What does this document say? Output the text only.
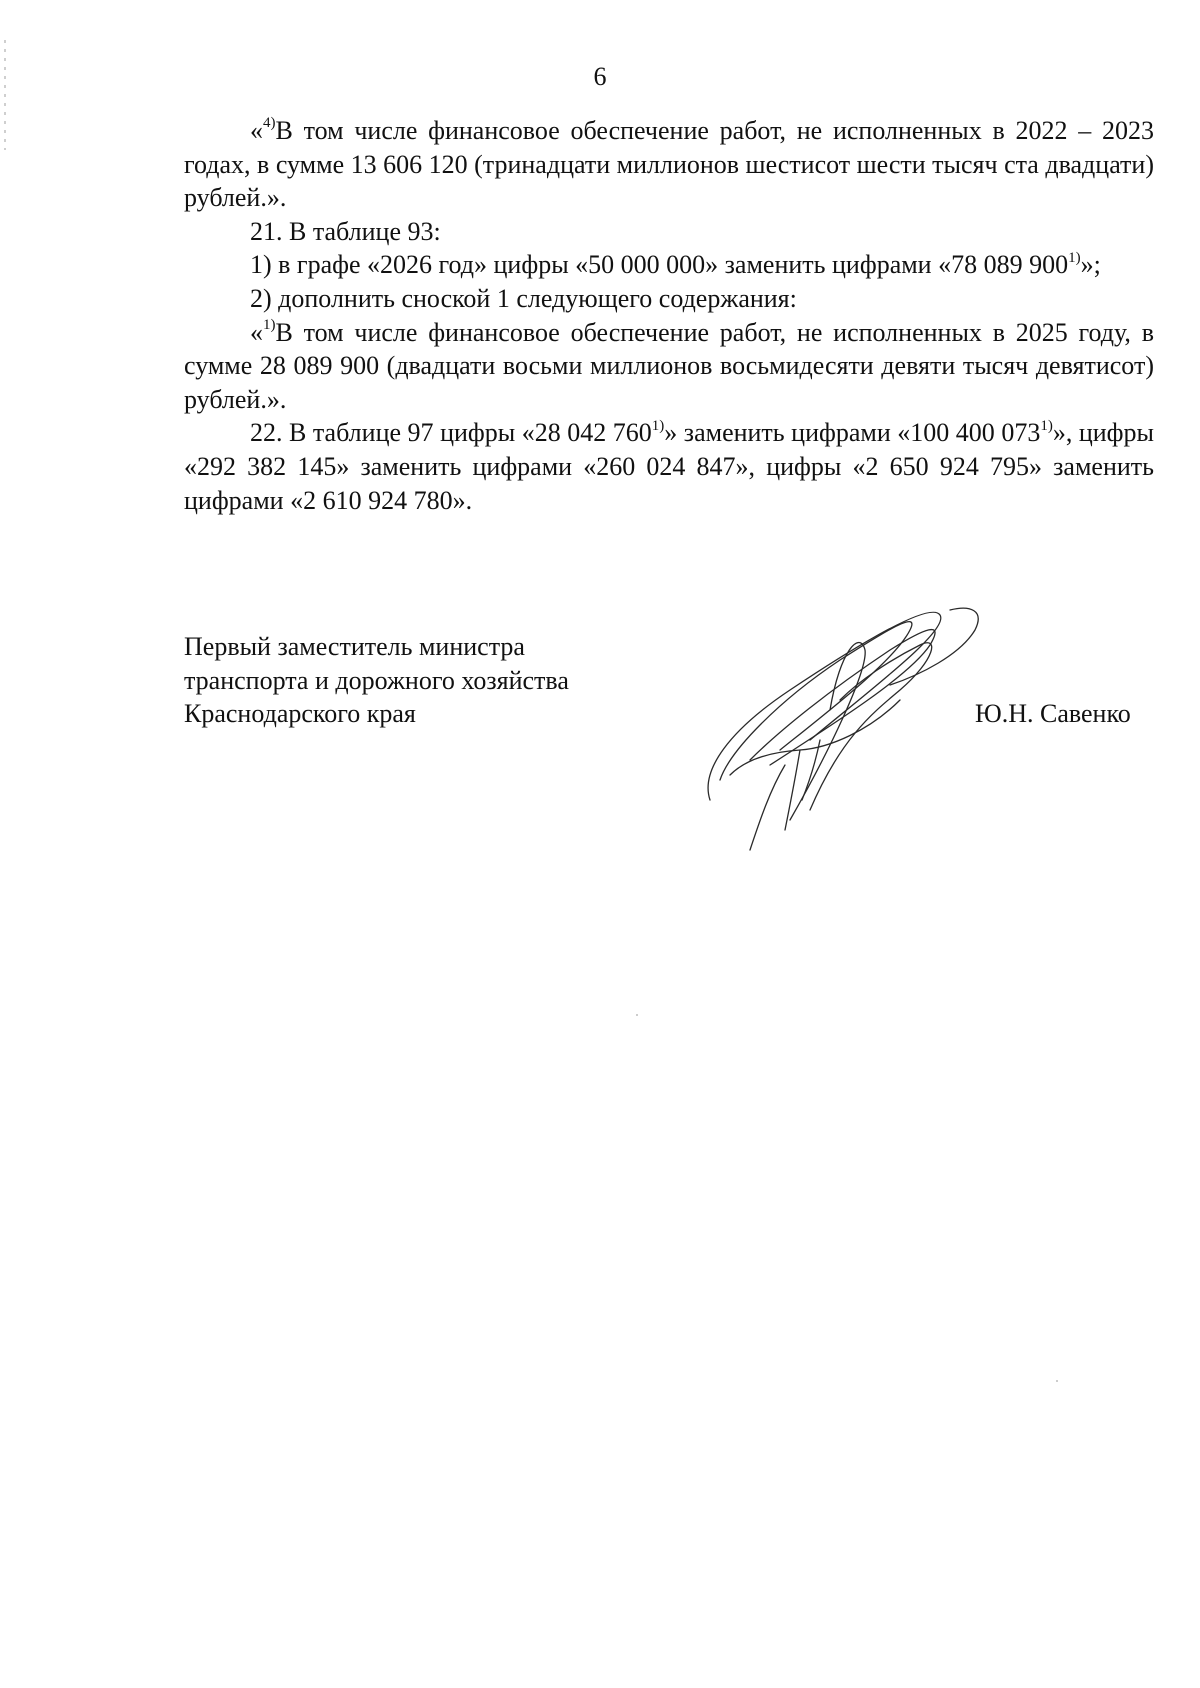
6

«$^{4)}$В том числе финансовое обеспечение работ, не исполненных в 2022 – 2023 годах, в сумме 13 606 120 (тринадцати миллионов шестисот шести тысяч ста двадцати) рублей.».

21. В таблице 93:

1) в графе «2026 год» цифры «50 000 000» заменить цифрами «78 089 900$^{1)}$»;

2) дополнить сноской 1 следующего содержания:

«$^{1)}$В том числе финансовое обеспечение работ, не исполненных в 2025 году, в сумме 28 089 900 (двадцати восьми миллионов восьмидесяти девяти тысяч девятисот) рублей.».

22. В таблице 97 цифры «28 042 760$^{1)}$» заменить цифрами «100 400 073$^{1)}$», цифры «292 382 145» заменить цифрами «260 024 847», цифры «2 650 924 795» заменить цифрами «2 610 924 780».

Первый заместитель министра
транспорта и дорожного хозяйства
Краснодарского края	Ю.Н. Савенко
